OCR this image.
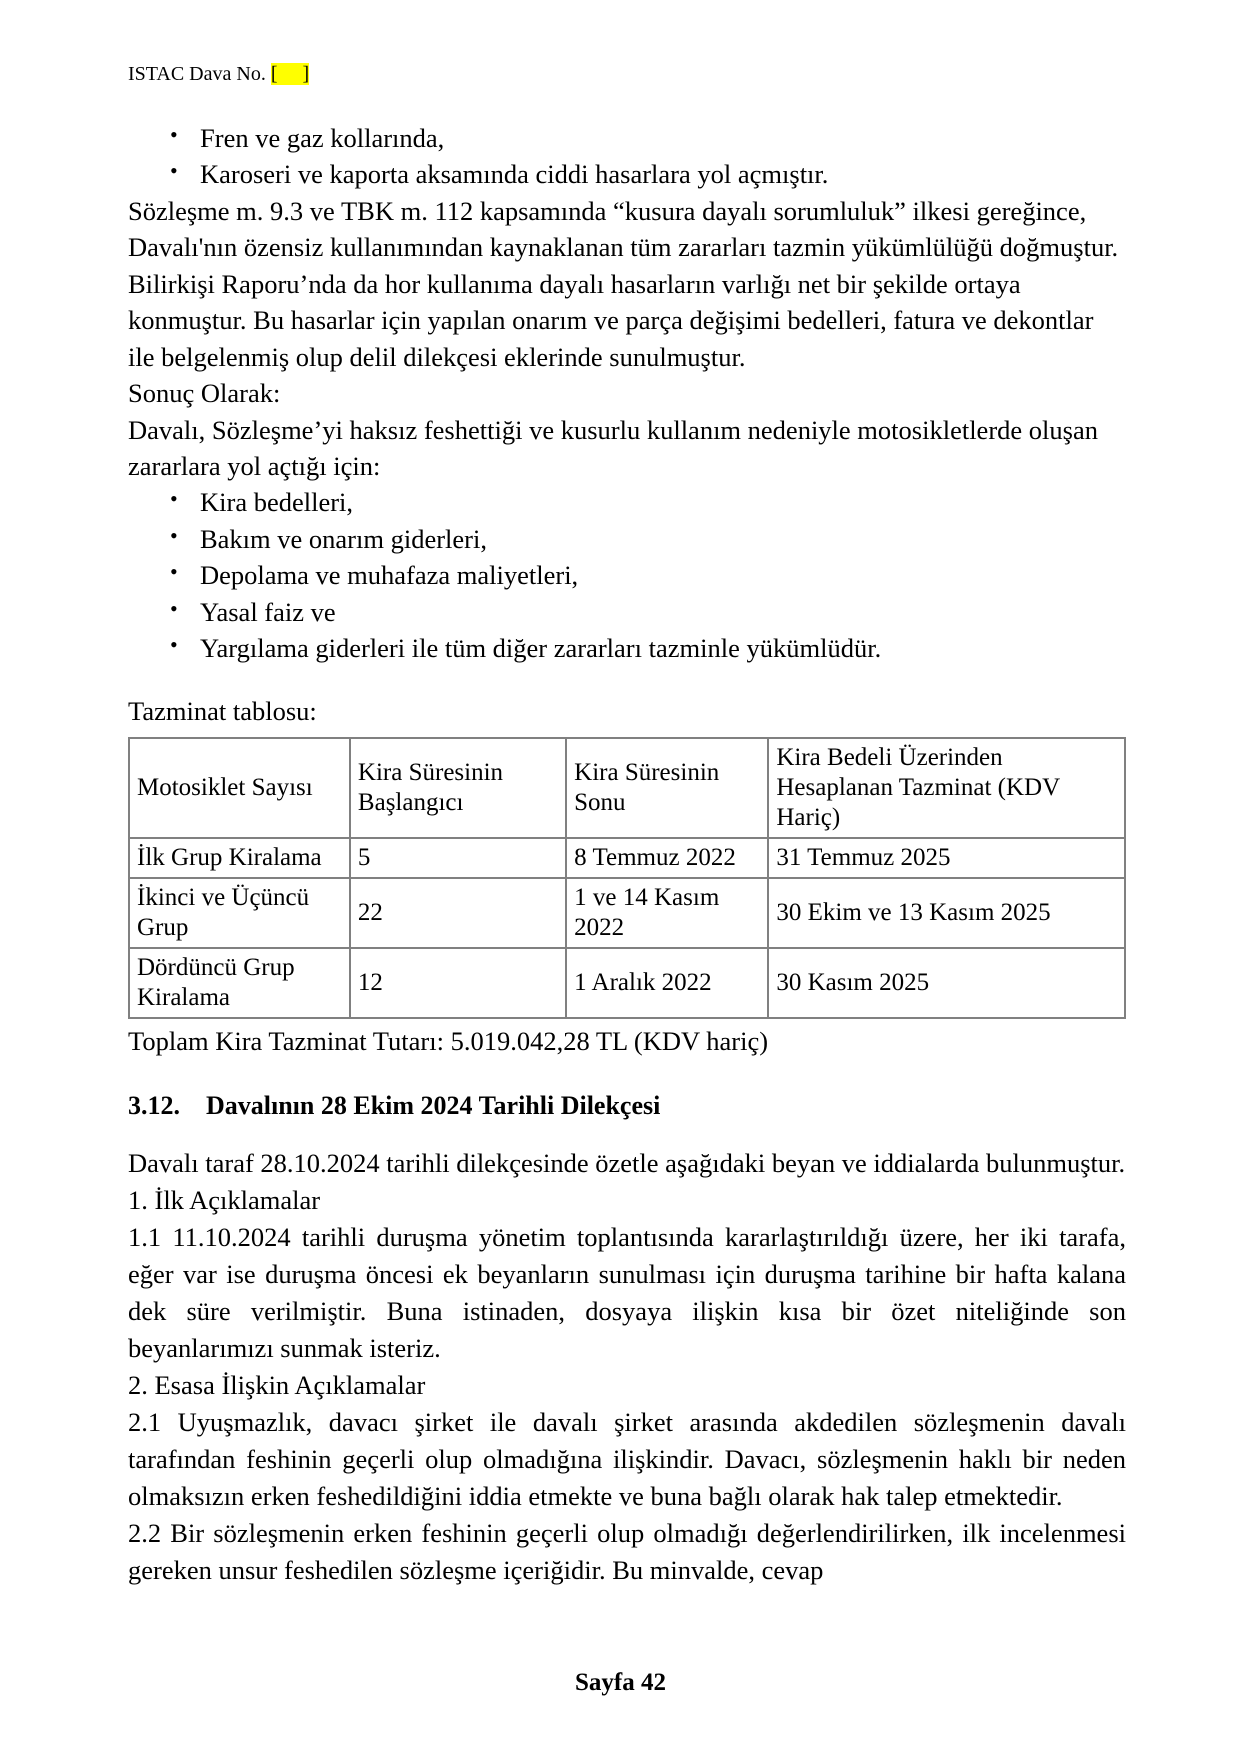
ISTAC Dava No. [ ]
• Fren ve gaz kollarında,
• Karoseri ve kaporta aksamında ciddi hasarlara yol açmıştır.

Sözleşme m. 9.3 ve TBK m. 112 kapsamında “kusura dayalı sorumluluk” ilkesi gereğince, Davalı'nın özensiz kullanımından kaynaklanan tüm zararları tazmin yükümlülüğü doğmuştur.

Bilirkişi Raporu’nda da hor kullanıma dayalı hasarların varlığı net bir şekilde ortaya konmuştur. Bu hasarlar için yapılan onarım ve parça değişimi bedelleri, fatura ve dekontlar ile belgelenmiş olup delil dilekçesi eklerinde sunulmuştur.

Sonuç Olarak:

Davalı, Sözleşme’yi haksız feshettiği ve kusurlu kullanım nedeniyle motosikletlerde oluşan zararlara yol açtığı için:

• Kira bedelleri,
• Bakım ve onarım giderleri,
• Depolama ve muhafaza maliyetleri,
• Yasal faiz ve
• Yargılama giderleri ile tüm diğer zararları tazminle yükümlüdür.

Tazminat tablosu:

Motosiklet Sayısı	Kira Süresinin Başlangıcı	Kira Süresinin Sonu	Kira Bedeli Üzerinden Hesaplanan Tazminat (KDV Hariç)
İlk Grup Kiralama	5	8 Temmuz 2022	31 Temmuz 2025
İkinci ve Üçüncü Grup	22	1 ve 14 Kasım 2022	30 Ekim ve 13 Kasım 2025
Dördüncü Grup Kiralama	12	1 Aralık 2022	30 Kasım 2025

Toplam Kira Tazminat Tutarı: 5.019.042,28 TL (KDV hariç)

3.12. Davalının 28 Ekim 2024 Tarihli Dilekçesi

Davalı taraf 28.10.2024 tarihli dilekçesinde özetle aşağıdaki beyan ve iddialarda bulunmuştur.

1. İlk Açıklamalar

1.1 11.10.2024 tarihli duruşma yönetim toplantısında kararlaştırıldığı üzere, her iki tarafa, eğer var ise duruşma öncesi ek beyanların sunulması için duruşma tarihine bir hafta kalana dek süre verilmiştir. Buna istinaden, dosyaya ilişkin kısa bir özet niteliğinde son beyanlarımızı sunmak isteriz.

2. Esasa İlişkin Açıklamalar

2.1 Uyuşmazlık, davacı şirket ile davalı şirket arasında akdedilen sözleşmenin davalı tarafından feshinin geçerli olup olmadığına ilişkindir. Davacı, sözleşmenin haklı bir neden olmaksızın erken feshedildiğini iddia etmekte ve buna bağlı olarak hak talep etmektedir.

2.2 Bir sözleşmenin erken feshinin geçerli olup olmadığı değerlendirilirken, ilk incelenmesi gereken unsur feshedilen sözleşme içeriğidir. Bu minvalde, cevap

Sayfa 42
